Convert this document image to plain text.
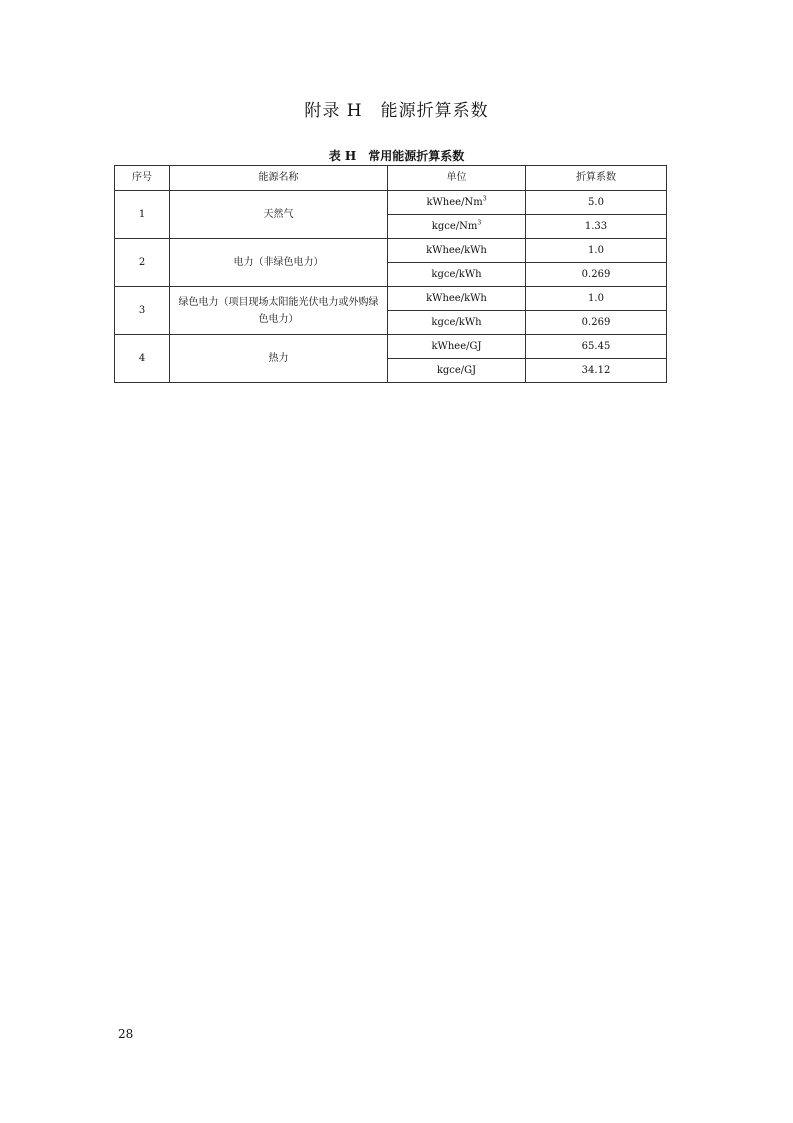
附录 H　能源折算系数
表 H　常用能源折算系数
序号	能源名称	单位	折算系数
1	天然气	kWhee/Nm$^3$	5.0
		kgce/Nm$^3$	1.33
2	电力（非绿色电力）	kWhee/kWh	1.0
		kgce/kWh	0.269
3	绿色电力（项目现场太阳能光伏电力或外购绿色电力）	kWhee/kWh	1.0
		kgce/kWh	0.269
4	热力	kWhee/GJ	65.45
		kgce/GJ	34.12
28
